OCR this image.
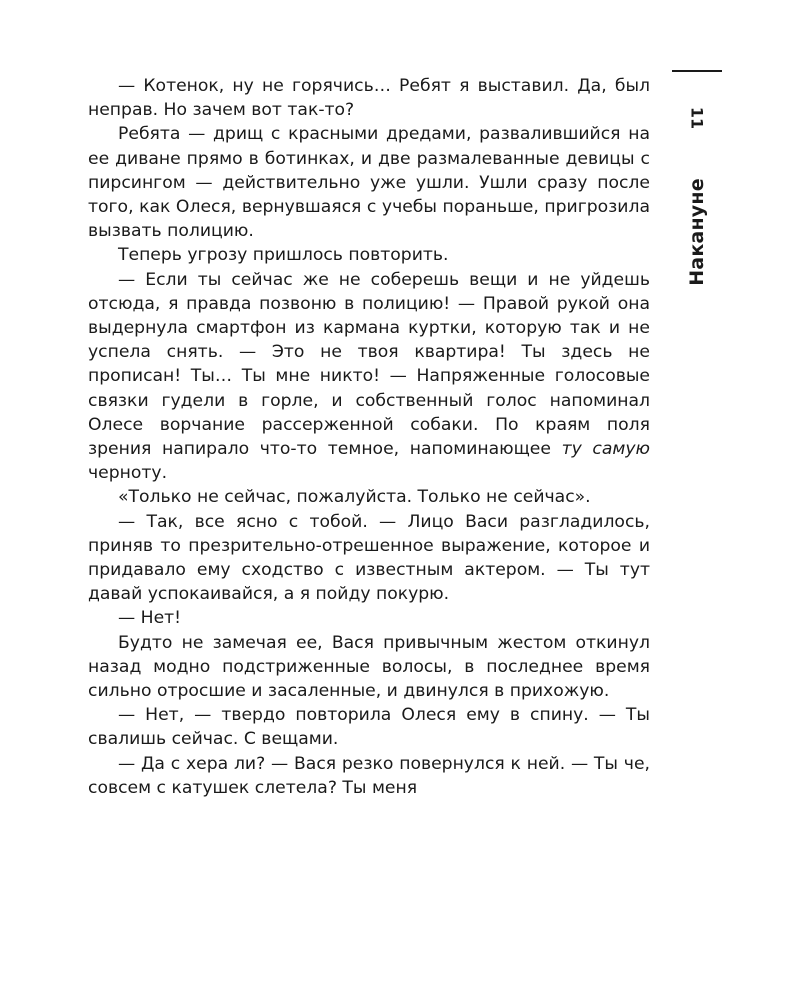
11
Накануне

— Котенок, ну не горячись… Ребят я выставил. Да, был неправ. Но зачем вот так-то?

Ребята — дрищ с красными дредами, развалившийся на ее диване прямо в ботинках, и две размалеванные девицы с пирсингом — действительно уже ушли. Ушли сразу после того, как Олеся, вернувшаяся с учебы пораньше, пригрозила вызвать полицию.

Теперь угрозу пришлось повторить.

— Если ты сейчас же не соберешь вещи и не уйдешь отсюда, я правда позвоню в полицию! — Правой рукой она выдернула смартфон из кармана куртки, которую так и не успела снять. — Это не твоя квартира! Ты здесь не прописан! Ты… Ты мне никто! — Напряженные голосовые связки гудели в горле, и собственный голос напоминал Олесе ворчание рассерженной собаки. По краям поля зрения напирало что-то темное, напоминающее ту самую черноту.

«Только не сейчас, пожалуйста. Только не сейчас».

— Так, все ясно с тобой. — Лицо Васи разгладилось, приняв то презрительно-отрешенное выражение, которое и придавало ему сходство с известным актером. — Ты тут давай успокаивайся, а я пойду покурю.

— Нет!

Будто не замечая ее, Вася привычным жестом откинул назад модно подстриженные волосы, в последнее время сильно отросшие и засаленные, и двинулся в прихожую.

— Нет, — твердо повторила Олеся ему в спину. — Ты свалишь сейчас. С вещами.

— Да с хера ли? — Вася резко повернулся к ней. — Ты че, совсем с катушек слетела? Ты меня
